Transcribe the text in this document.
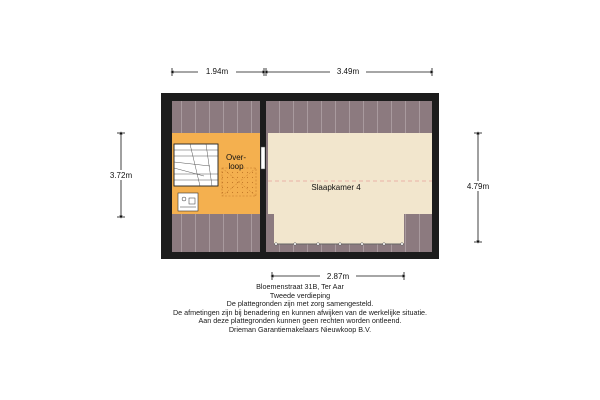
Over-
loop
Slaapkamer 4
1.94m	3.49m
3.72m
4.79m
2.87m
Bloemenstraat 31B, Ter Aar
Tweede verdieping
De plattegronden zijn met zorg samengesteld.
De afmetingen zijn bij benadering en kunnen afwijken van de werkelijke situatie.
Aan deze plattegronden kunnen geen rechten worden ontleend.
Drieman Garantiemakelaars Nieuwkoop B.V.
